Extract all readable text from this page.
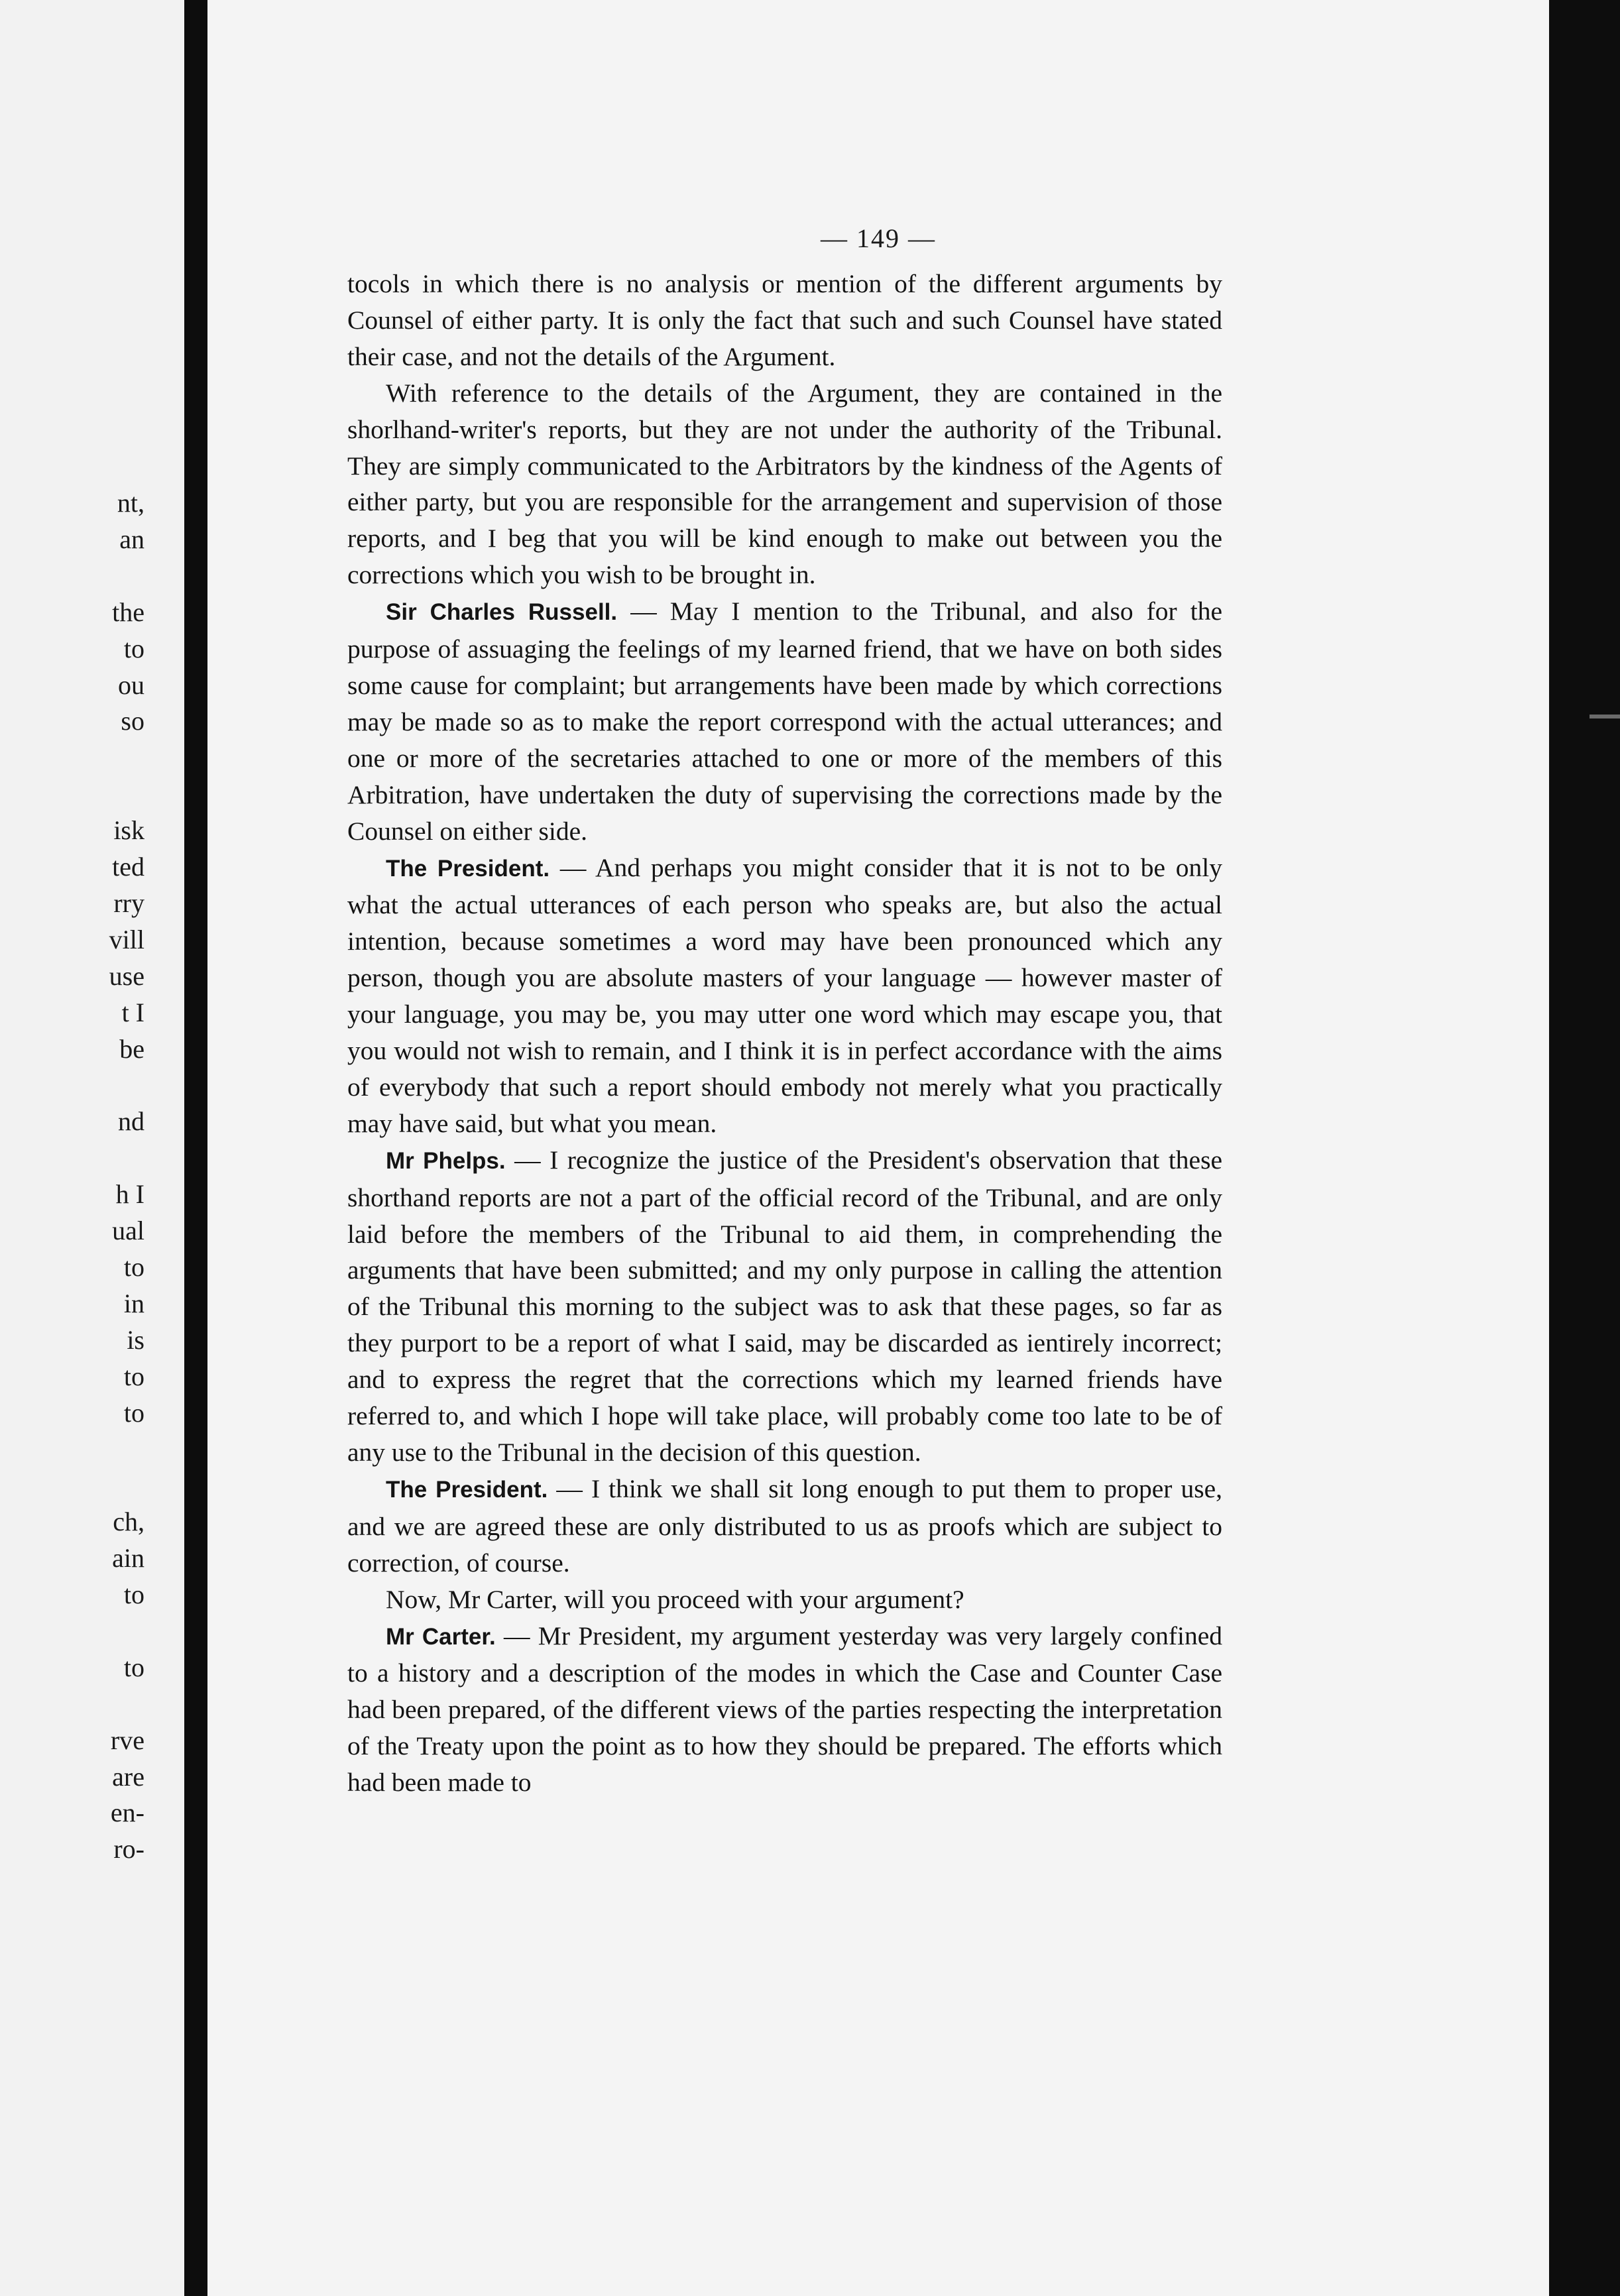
nt,
an
the
to
ou
so
isk
ted
rry
vill
use
t I
be
nd
h I
ual
to
in
is
to
to
ch,
ain
to
to
rve
are
en-
ro-
— 149 —

tocols in which there is no analysis or mention of the different arguments by Counsel of either party. It is only the fact that such and such Counsel have stated their case, and not the details of the Argument.

With reference to the details of the Argument, they are contained in the shorlhand-writer's reports, but they are not under the authority of the Tribunal. They are simply communicated to the Arbitrators by the kindness of the Agents of either party, but you are responsible for the arrangement and supervision of those reports, and I beg that you will be kind enough to make out between you the corrections which you wish to be brought in.

Sir Charles Russell. — May I mention to the Tribunal, and also for the purpose of assuaging the feelings of my learned friend, that we have on both sides some cause for complaint; but arrangements have been made by which corrections may be made so as to make the report correspond with the actual utterances; and one or more of the secretaries attached to one or more of the members of this Arbitration, have undertaken the duty of supervising the corrections made by the Counsel on either side.

The President. — And perhaps you might consider that it is not to be only what the actual utterances of each person who speaks are, but also the actual intention, because sometimes a word may have been pronounced which any person, though you are absolute masters of your language — however master of your language, you may be, you may utter one word which may escape you, that you would not wish to remain, and I think it is in perfect accordance with the aims of everybody that such a report should embody not merely what you practically may have said, but what you mean.

Mr Phelps. — I recognize the justice of the President's observation that these shorthand reports are not a part of the official record of the Tribunal, and are only laid before the members of the Tribunal to aid them, in comprehending the arguments that have been submitted; and my only purpose in calling the attention of the Tribunal this morning to the subject was to ask that these pages, so far as they purport to be a report of what I said, may be discarded as ientirely incorrect; and to express the regret that the corrections which my learned friends have referred to, and which I hope will take place, will probably come too late to be of any use to the Tribunal in the decision of this question.

The President. — I think we shall sit long enough to put them to proper use, and we are agreed these are only distributed to us as proofs which are subject to correction, of course.

Now, Mr Carter, will you proceed with your argument?

Mr Carter. — Mr President, my argument yesterday was very largely confined to a history and a description of the modes in which the Case and Counter Case had been prepared, of the different views of the parties respecting the interpretation of the Treaty upon the point as to how they should be prepared. The efforts which had been made to
